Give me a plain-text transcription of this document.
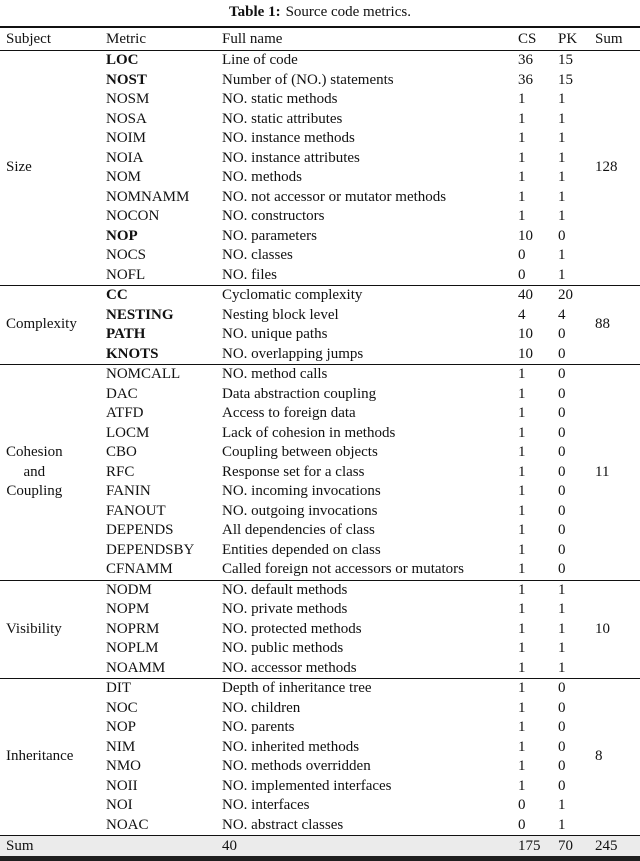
Table 1: Source code metrics.
Subject	Metric	Full name	CS	PK	Sum
Size	LOC	Line of code	36	15	128
	NOST	Number of (NO.) statements	36	15	
	NOSM	NO. static methods	1	1	
	NOSA	NO. static attributes	1	1	
	NOIM	NO. instance methods	1	1	
	NOIA	NO. instance attributes	1	1	
	NOM	NO. methods	1	1	
	NOMNAMM	NO. not accessor or mutator methods	1	1	
	NOCON	NO. constructors	1	1	
	NOP	NO. parameters	10	0	
	NOCS	NO. classes	0	1	
	NOFL	NO. files	0	1	
Complexity	CC	Cyclomatic complexity	40	20	88
	NESTING	Nesting block level	4	4	
	PATH	NO. unique paths	10	0	
	KNOTS	NO. overlapping jumps	10	0	

Cohesion
and
Coupling	NOMCALL	NO. method calls	1	0	11
	DAC	Data abstraction coupling	1	0	
	ATFD	Access to foreign data	1	0	
	LOCM	Lack of cohesion in methods	1	0	
	CBO	Coupling between objects	1	0	
	RFC	Response set for a class	1	0	
	FANIN	NO. incoming invocations	1	0	
	FANOUT	NO. outgoing invocations	1	0	
	DEPENDS	All dependencies of class	1	0	
	DEPENDSBY	Entities depended on class	1	0	
	CFNAMM	Called foreign not accessors or mutators	1	0	
Visibility	NODM	NO. default methods	1	1	10
	NOPM	NO. private methods	1	1	
	NOPRM	NO. protected methods	1	1	
	NOPLM	NO. public methods	1	1	
	NOAMM	NO. accessor methods	1	1	
Inheritance	DIT	Depth of inheritance tree	1	0	8
	NOC	NO. children	1	0	
	NOP	NO. parents	1	0	
	NIM	NO. inherited methods	1	0	
	NMO	NO. methods overridden	1	0	
	NOII	NO. implemented interfaces	1	0	
	NOI	NO. interfaces	0	1	
	NOAC	NO. abstract classes	0	1	
Sum		40	175	70	245
